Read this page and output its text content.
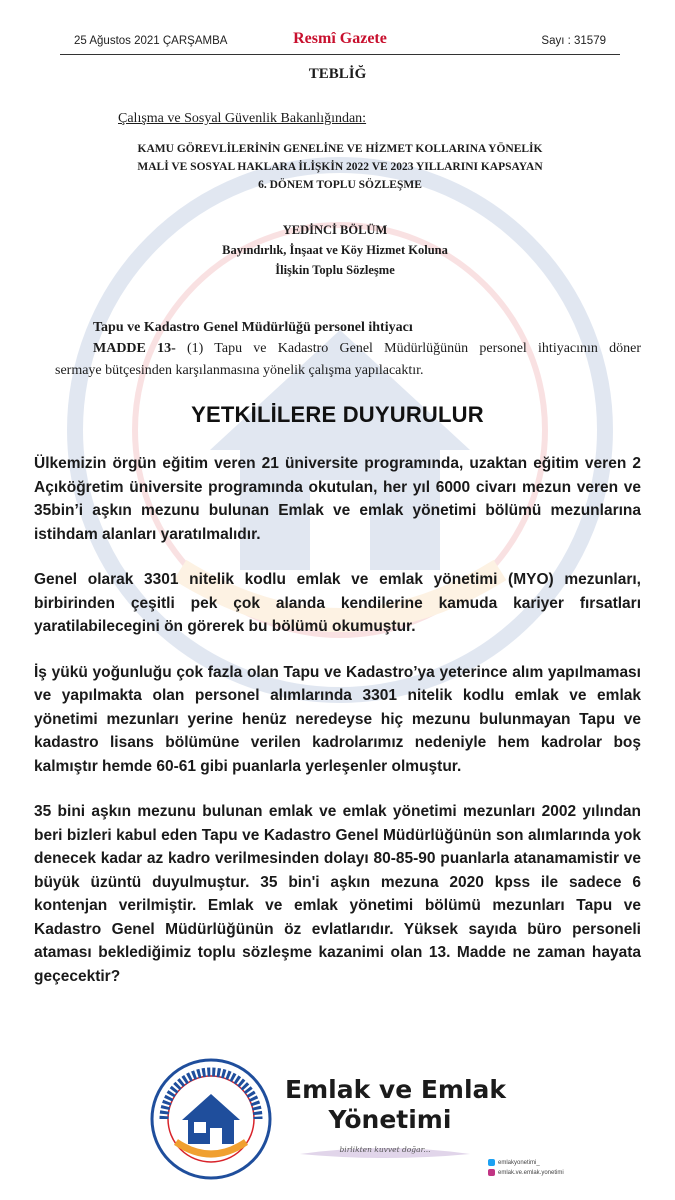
25 Ağustos 2021 ÇARŞAMBA	Resmî Gazete	Sayı : 31579
TEBLİĞ
Çalışma ve Sosyal Güvenlik Bakanlığından:
KAMU GÖREVLİLERİNİN GENELİNE VE HİZMET KOLLARINA YÖNELİK
MALİ VE SOSYAL HAKLARA İLİŞKİN 2022 VE 2023 YILLARINI KAPSAYAN
6. DÖNEM TOPLU SÖZLEŞME
YEDİNCİ BÖLÜM
Bayındırlık, İnşaat ve Köy Hizmet Koluna
İlişkin Toplu Sözleşme
Tapu ve Kadastro Genel Müdürlüğü personel ihtiyacı
MADDE 13- (1) Tapu ve Kadastro Genel Müdürlüğünün personel ihtiyacının döner
sermaye bütçesinden karşılanmasına yönelik çalışma yapılacaktır.
YETKİLİLERE DUYURULUR

Ülkemizin örgün eğitim veren 21 üniversite programında, uzaktan eğitim veren 2 Açıköğretim üniversite programında okutulan, her yıl 6000 civarı mezun veren ve 35bin’i aşkın mezunu bulunan Emlak ve emlak yönetimi bölümü mezunlarına istihdam alanları yaratılmalıdır.

Genel olarak 3301 nitelik kodlu emlak ve emlak yönetimi (MYO) mezunları, birbirinden çeşitli pek çok alanda kendilerine kamuda kariyer fırsatları yaratilabilecegini ön görerek bu bölümü okumuştur.

İş yükü yoğunluğu çok fazla olan Tapu ve Kadastro’ya yeterince alım yapılmaması ve yapılmakta olan personel alımlarında 3301 nitelik kodlu emlak ve emlak yönetimi mezunları yerine henüz neredeyse hiç mezunu bulunmayan Tapu ve kadastro lisans bölümüne verilen kadrolarımız nedeniyle hem kadrolar boş kalmıştır hemde 60-61 gibi puanlarla yerleşenler olmuştur.

35 bini aşkın mezunu bulunan emlak ve emlak yönetimi mezunları 2002 yılından beri bizleri kabul eden Tapu ve Kadastro Genel Müdürlüğünün son alımlarında yok denecek kadar az kadro verilmesinden dolayı 80-85-90 puanlarla atanamamistir ve büyük üzüntü duyulmuştur. 35 bin'i aşkın mezuna 2020 kpss ile sadece 6 kontenjan verilmiştir. Emlak ve emlak yönetimi bölümü mezunları Tapu ve Kadastro Genel Müdürlüğünün öz evlatlarıdır. Yüksek sayıda büro personeli ataması beklediğimiz toplu sözleşme kazanimi olan 13. Madde ne zaman hayata geçecektir?

Emlak ve Emlak
Yönetimi
birlikten kuvvet doğar...
emlakyonetimi_
emlak.ve.emlak.yonetimi
